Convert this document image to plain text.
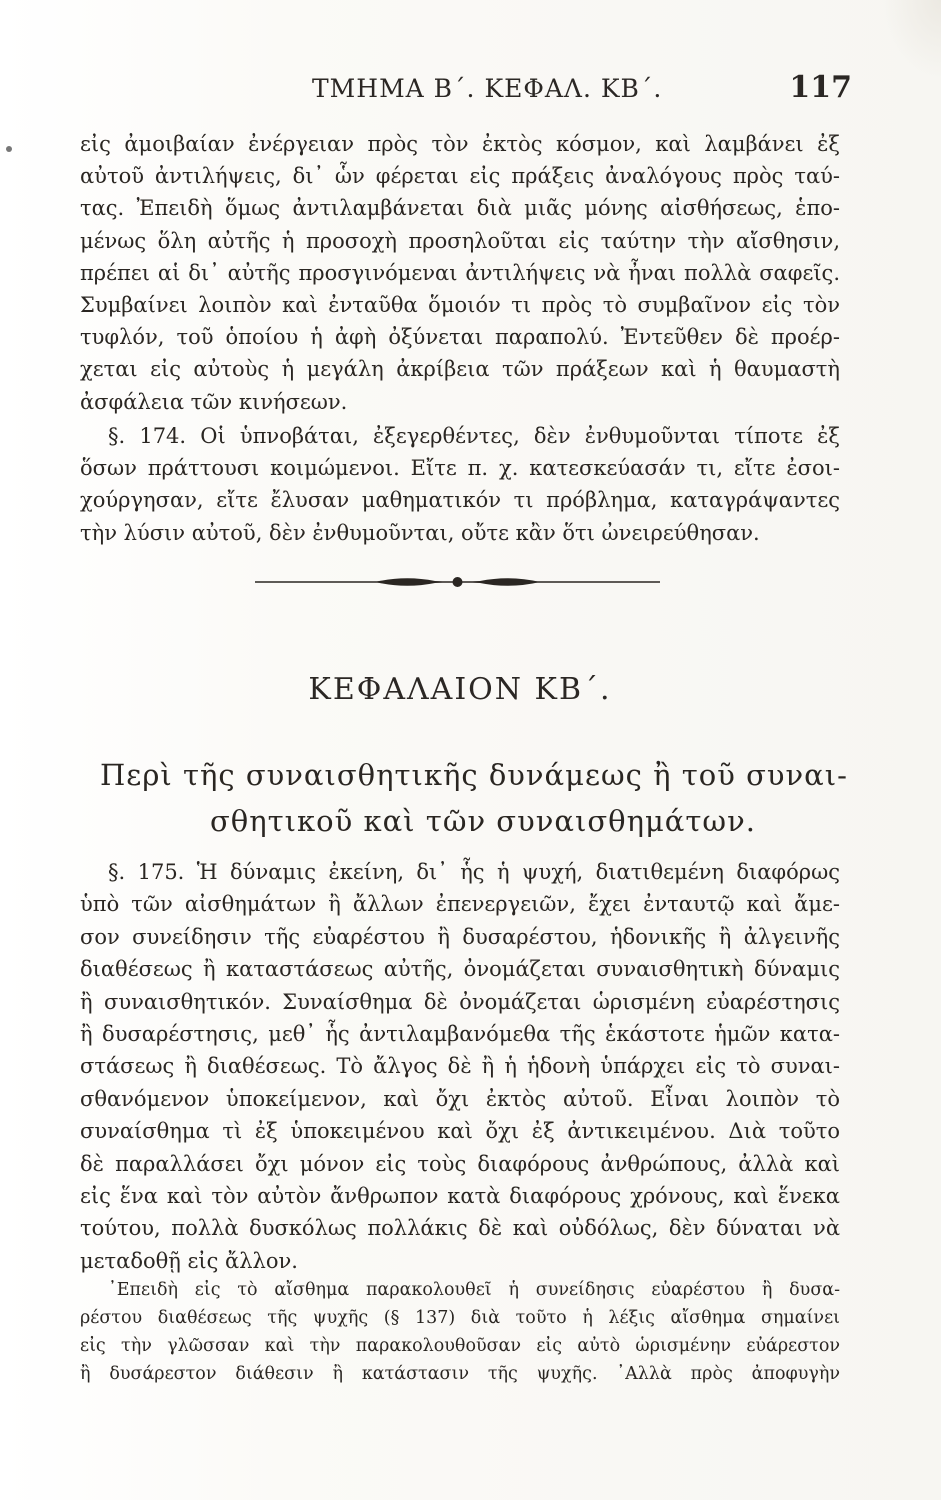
ΤΜΗΜΑ Β΄. ΚΕΦΑΛ. ΚΒ΄.	117
εἰς ἀμοιβαίαν ἐνέργειαν πρὸς τὸν ἐκτὸς κόσμον, καὶ λαμβάνει ἐξ
αὐτοῦ ἀντιλήψεις, δι᾽ ὧν φέρεται εἰς πράξεις ἀναλόγους πρὸς ταύ-
τας. Ἐπειδὴ ὅμως ἀντιλαμβάνεται διὰ μιᾶς μόνης αἰσθήσεως, ἑπο-
μένως ὅλη αὐτῆς ἡ προσοχὴ προσηλοῦται εἰς ταύτην τὴν αἴσθησιν,
πρέπει αἱ δι᾽ αὐτῆς προσγινόμεναι ἀντιλήψεις νὰ ἦναι πολλὰ σαφεῖς.
Συμβαίνει λοιπὸν καὶ ἐνταῦθα ὅμοιόν τι πρὸς τὸ συμβαῖνον εἰς τὸν
τυφλόν, τοῦ ὁποίου ἡ ἀφὴ ὀξύνεται παραπολύ. Ἐντεῦθεν δὲ προέρ-
χεται εἰς αὐτοὺς ἡ μεγάλη ἀκρίβεια τῶν πράξεων καὶ ἡ θαυμαστὴ
ἀσφάλεια τῶν κινήσεων.
§. 174. Οἱ ὑπνοβάται, ἐξεγερθέντες, δὲν ἐνθυμοῦνται τίποτε ἐξ
ὅσων πράττουσι κοιμώμενοι. Εἴτε π. χ. κατεσκεύασάν τι, εἴτε ἐσοι-
χούργησαν, εἴτε ἔλυσαν μαθηματικόν τι πρόβλημα, καταγράψαντες
τὴν λύσιν αὐτοῦ, δὲν ἐνθυμοῦνται, οὔτε κἂν ὅτι ὠνειρεύθησαν.
ΚΕΦΑΛΑΙΟΝ ΚΒ΄.
Περὶ τῆς συναισθητικῆς δυνάμεως ἢ τοῦ συναι-
σθητικοῦ καὶ τῶν συναισθημάτων.
§. 175. Ἡ δύναμις ἐκείνη, δι᾽ ἧς ἡ ψυχή, διατιθεμένη διαφόρως
ὑπὸ τῶν αἰσθημάτων ἢ ἄλλων ἐπενεργειῶν, ἔχει ἐνταυτῷ καὶ ἄμε-
σον συνείδησιν τῆς εὐαρέστου ἢ δυσαρέστου, ἡδονικῆς ἢ ἀλγεινῆς
διαθέσεως ἢ καταστάσεως αὐτῆς, ὀνομάζεται συναισθητικὴ δύναμις
ἢ συναισθητικόν. Συναίσθημα δὲ ὀνομάζεται ὡρισμένη εὐαρέστησις
ἢ δυσαρέστησις, μεθ᾽ ἧς ἀντιλαμβανόμεθα τῆς ἑκάστοτε ἡμῶν κατα-
στάσεως ἢ διαθέσεως. Τὸ ἄλγος δὲ ἢ ἡ ἡδονὴ ὑπάρχει εἰς τὸ συναι-
σθανόμενον ὑποκείμενον, καὶ ὄχι ἐκτὸς αὐτοῦ. Εἶναι λοιπὸν τὸ
συναίσθημα τὶ ἐξ ὑποκειμένου καὶ ὄχι ἐξ ἀντικειμένου. Διὰ τοῦτο
δὲ παραλλάσει ὄχι μόνον εἰς τοὺς διαφόρους ἀνθρώπους, ἀλλὰ καὶ
εἰς ἕνα καὶ τὸν αὐτὸν ἄνθρωπον κατὰ διαφόρους χρόνους, καὶ ἕνεκα
τούτου, πολλὰ δυσκόλως πολλάκις δὲ καὶ οὐδόλως, δὲν δύναται νὰ
μεταδοθῇ εἰς ἄλλον.
᾿Επειδὴ εἰς τὸ αἴσθημα παρακολουθεῖ ἡ συνείδησις εὐαρέστου ἢ δυσα-
ρέστου διαθέσεως τῆς ψυχῆς (§ 137) διὰ τοῦτο ἡ λέξις αἴσθημα σημαίνει
εἰς τὴν γλῶσσαν καὶ τὴν παρακολουθοῦσαν εἰς αὐτὸ ὡρισμένην εὐάρεστον
ἢ δυσάρεστον διάθεσιν ἢ κατάστασιν τῆς ψυχῆς. ᾿Αλλὰ πρὸς ἀποφυγὴν
